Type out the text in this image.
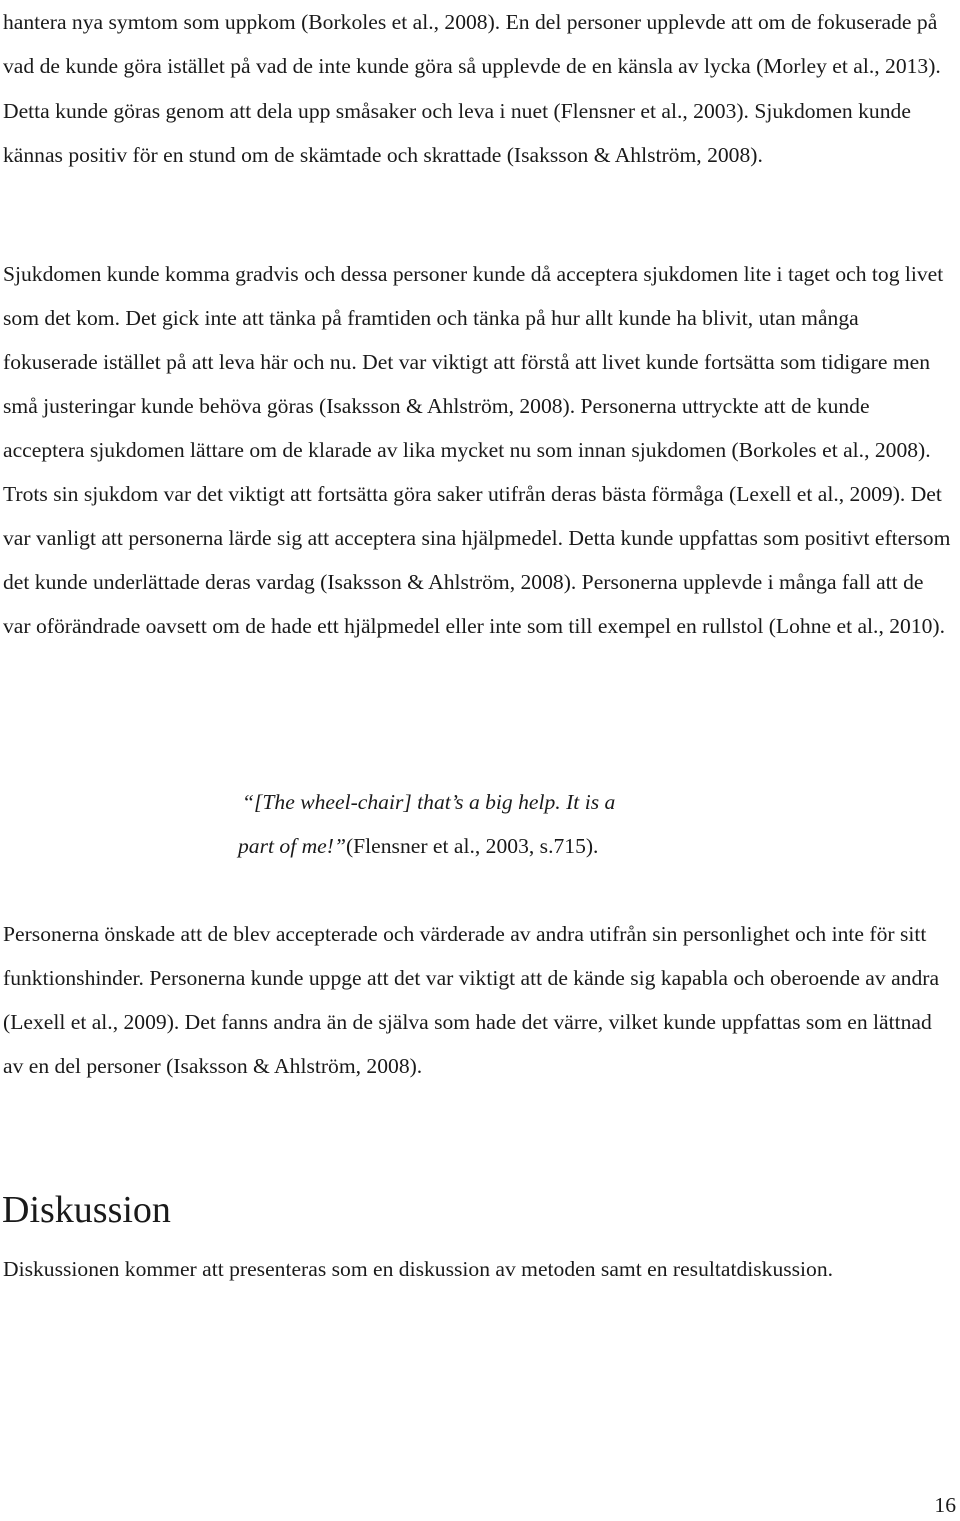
hantera nya symtom som uppkom (Borkoles et al., 2008). En del personer upplevde att om de fokuserade på vad de kunde göra istället på vad de inte kunde göra så upplevde de en känsla av lycka (Morley et al., 2013). Detta kunde göras genom att dela upp småsaker och leva i nuet (Flensner et al., 2003). Sjukdomen kunde kännas positiv för en stund om de skämtade och skrattade (Isaksson & Ahlström, 2008).

Sjukdomen kunde komma gradvis och dessa personer kunde då acceptera sjukdomen lite i taget och tog livet som det kom. Det gick inte att tänka på framtiden och tänka på hur allt kunde ha blivit, utan många fokuserade istället på att leva här och nu. Det var viktigt att förstå att livet kunde fortsätta som tidigare men små justeringar kunde behöva göras (Isaksson & Ahlström, 2008). Personerna uttryckte att de kunde acceptera sjukdomen lättare om de klarade av lika mycket nu som innan sjukdomen (Borkoles et al., 2008). Trots sin sjukdom var det viktigt att fortsätta göra saker utifrån deras bästa förmåga (Lexell et al., 2009). Det var vanligt att personerna lärde sig att acceptera sina hjälpmedel. Detta kunde uppfattas som positivt eftersom det kunde underlättade deras vardag (Isaksson & Ahlström, 2008). Personerna upplevde i många fall att de var oförändrade oavsett om de hade ett hjälpmedel eller inte som till exempel en rullstol (Lohne et al., 2010).

“[The wheel-chair] that’s a big help. It is a

part of me!”(Flensner et al., 2003, s.715).

Personerna önskade att de blev accepterade och värderade av andra utifrån sin personlighet och inte för sitt funktionshinder. Personerna kunde uppge att det var viktigt att de kände sig kapabla och oberoende av andra (Lexell et al., 2009). Det fanns andra än de själva som hade det värre, vilket kunde uppfattas som en lättnad av en del personer (Isaksson & Ahlström, 2008).

Diskussion

Diskussionen kommer att presenteras som en diskussion av metoden samt en resultatdiskussion.

16
